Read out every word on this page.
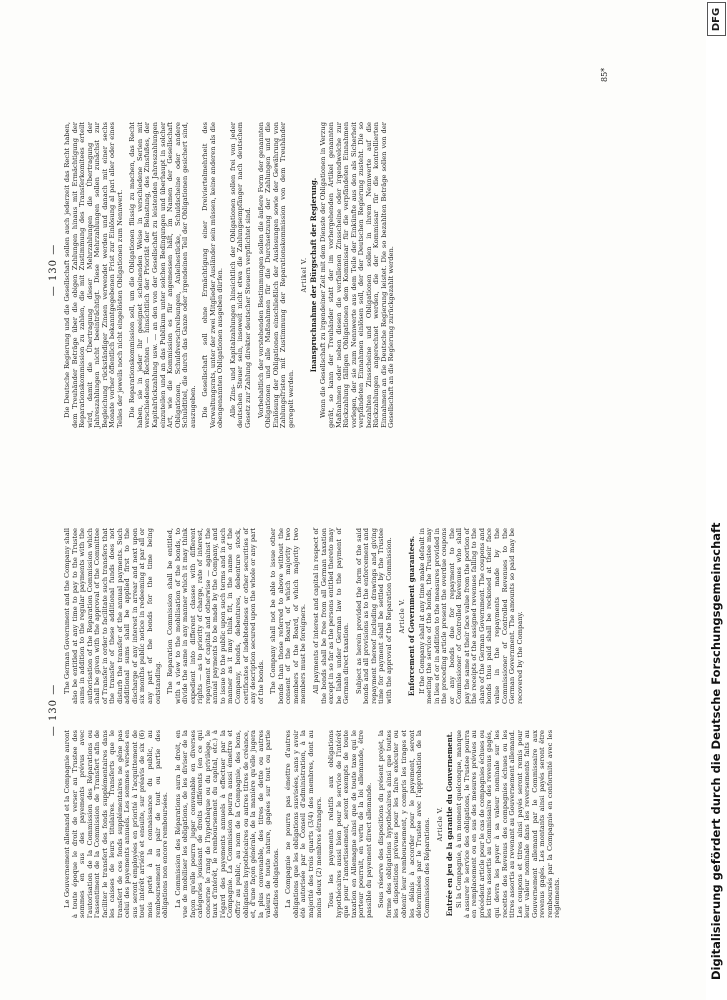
— 130 —
— 130 —

Le Gouvernement allemand et la Compagnie auront à toute époque le droit de verser au Trustee des sommes en sus des payements prévus avec l'autorisation de la Commission des Réparations ou l'assentiment de la Commission de Transfert afin de faciliter le transfert des fonds supplémentaires dans les caisses de leurs titulaires. Transferts que le transfert de ces fonds supplémentaires ne gêne pas celui des payements annuels. Les sommes versées en sus seront employées en priorité à l'acquittement de tout intérêt arriéré et ensuite, sur préavis de six (6) mois porté à la connaissance du public, au remboursement au pair de tout ou partie des obligations non encore remboursées. La Commission des Réparations aura le droit, en vue de mobiliser les obligations, de les diviser de la façon qu'elle pourra juger convenable en diverses catégories jouissant de droits différents (en ce qui concerne le rang de l'hypothèque ou du privilège, le taux d'intérêt, le remboursement du capital, etc.) à l'égard des payements annuels à effectuer par la Compagnie. La Commission pourra aussi émettre et offrir au public, au nom de la Compagnie, des bons, obligations hypothécaires ou autres titres de créance, et, d'une façon générale, de la manière qu'elle jugera la plus convenable, des titres de dette ou autres valeurs de toute nature, gagées sur tout ou partie desdites obligations. La Compagnie ne pourra pas émettre d'autres obligations que les obligations susvisées, sans y avoir été autorisée par le Conseil d'administration, à la majorité des trois quarts (3/4) des membres, dont au moins deux (2) membres étrangers. Tous les payements relatifs aux obligations hypothécaires aussi bien pour le service de l'intérêt que pour l'amortissement, seront exempts de toute taxation en Allemagne ainsi que de toute taxe qui le porteur pourrait, en vertu de la loi allemande, être passible du payement direct allemande. Sous réserve des dispositions du présent projet, la forme des obligations hypothécaires ainsi que toutes les dispositions prévues pour les faire exécuter ou obtenir leur remboursement, y compris les tirages et les délais à accorder pour le payement, seront déterminées par le Trustee avec l'approbation de la Commission des Réparations. Article V. Entrée en jeu de la garantie du Gouvernement. Si la Compagnie, à un moment quelconque, manque à assurer le service des obligations, le Trustee pourra en remplacement ou en sus des mesures prévues au précédent article pour le cas de compagnies échues ou les titres assortis au Commissaire des revenus gagés, qui devra les payer à sa valeur nominale sur les recettes des Revenus des compagnies échues ou les titres assortis au revenant au Gouvernement allemand. Les coupons et titres ainsi payés seront remis pour leur valeur nominale dans les reversements faits au Gouvernement allemand par le Commissaire aux revenus gagés. Les montants ainsi payés seront être remboursés par la Compagnie en conformité avec les règlements.

The German Government and the Company shall also be entitled at any time to pay to the Trustee sums in addition to the regular payments with the authorisation of the Reparation Commission which shall be given with the approval of the Committee of Transfer in order to facilitate such transfers that the transfer of these additional funds does not disturb the transfer of the annual payments. Such additional sums shall be applied first to the discharge of any interest in arrear and next upon six months public notice in redeeming at par all or any part of the bonds for the time being outstanding. The Reparation Commission shall be entitled, with a view to the mobilisation of the bonds, to divide the same in any manner which it may think expedient into different classes with different rights — as to priority of charge, rate of interest, repayment of capital and otherwise — against the annual payments to be made by the Company, and to issue to the public upon such terms and in such manner as it may think fit, in the name of the Company, bonds, debentures, debenture stock, certificates of indebtedness or other securities of any description secured upon the whole or any part of the bonds. The Company shall not be able to issue other bonds than those referred to above without the consent of the Board, of which majority two members of the Board, of which majority two members must be foreigners. All payments of interest and capital in respect of the bonds shall be free from all German taxation except in so far as the persons entitled thereto may be liable under German law to the payment of German direct taxation. Subject as herein provided the form of the said bonds and all provisions as to the enforcement and repayment thereof including drawings and giving time for payment shall be settled by the Trustee with the approval of the Reparation Commission. Article V. Enforcement of Government guarantees. If the Company shall at any time make default in meeting the service of the bonds, the Trustee may in lieu of or in addition to the measures provided in the preceding article present the overdue coupons or any bonds due for repayment to the Commissioner of Controlled Revenues who shall pay the same at their face value from the portion of the receipts of the assigned revenues falling to the share of the German Government. The coupons and bonds thus paid shall be reckoned at their face value in the repayments made by the Commissioner of Controlled Revenues to the German Government. The amounts so paid may be recovered by the Company.

Die Deutsche Regierung und die Gesellschaft sollen auch jederzeit das Recht haben, dem Treuhänder Beträge über die obigen Zahlungen hinaus mit Ermächtigung der Reparationskommission zu zahlen, die mit Zustimmung des Transferkomitees erteilt wird, damit die Übertragung dieser Mehrzahlungen die Übertragung der Jahreszahlungen nicht beeinträchtigt. Diese Mehrzahlungen sollen zunächst zur Begleichung rückständiger Zinsen verwendet werden und danach mit einer sechs Monate vorher öffentlich bekanntgegebenen Frist zur Einlösung al pari aller oder eines Teiles der jeweils noch nicht eingelösten Obligationen zum Nennwert. Die Reparationskommission soll, um die Obligationen flüssig zu machen, das Recht haben, sie in jeder ihr geeignet scheinenden Weise in verschiedene Serien mit verschiedenen Rechten — hinsichtlich der Priorität der Belastung, des Zinsfußes, der Kapitalrückzahlung usw. — an den von der Gesellschaft zu leistenden Jahreszahlungen einzuteilen und an das Publikum unter solchen Bedingungen und überhaupt in solcher Art, wie die Kommission es für angemessen hält, im Namen der Gesellschaft Obligationen, Schuldverschreibungen, Anleihestücke, Schuldscheine oder andere Schuldtitel, die durch das Ganze oder irgendeinen Teil der Obligationen gesichert sind, auszugeben. Die Gesellschaft soll ohne Ermächtigung einer Dreiviertelmehrheit des Verwaltungsrats, unter der zwei Mitglieder Ausländer sein müssen, keine anderen als die obengenannten Obligationen ausgeben dürfen. Alle Zins- und Kapitalzahlungen hinsichtlich der Obligationen sollen frei von jeder deutschen Steuer sein, insoweit nicht etwa die Zahlungsempfänger nach deutschem Gesetz zur Zahlung direkter deutscher Steuern verpflichtet sind. Vorbehaltlich der vorstehenden Bestimmungen sollen die äußere Form der genannten Obligationen und alle Maßnahmen für die Durchsetzung der Zahlungen und die Einlösung der Obligationen einschließlich der Auslosungen sowie der Gewährung von Zahlungsfristen mit Zustimmung der Reparationskommission von dem Treuhänder geregelt werden.

Artikel V. Inanspruchnahme der Bürgschaft der Regierung. Wenn die Gesellschaft zu irgendeiner Zeit mit dem Dienste der Obligationen in Verzug gerät, so kann der Treuhänder statt der im vorhergehenden Artikel genannten Maßnahmen oder neben diesen die verfallenen Zinsscheine oder irgendwelche zur Rückzahlung fälligen Obligationen dem Kommissar für die verpfändeten Einnahmen vorlegen, der sie zum Nennwerte aus dem Teile der Einkünfte aus den als Sicherheit verpfändeten Einnahmen einlösen soll, der der Deutschen Regierung zusteht. Die so bezahlten Zinsscheine und Obligationen sollen in ihrem Nennwerte auf die Rückzahlungen angerechnet werden, die der Kommissar für die kontrollierten Einnahmen an die Deutsche Regierung leistet. Die so bezahlten Beträge sollen von der Gesellschaft an die Regierung zurückgezahlt werden.

85*
DFG
Digitalisierung gefördert durch die Deutsche Forschungsgemeinschaft
